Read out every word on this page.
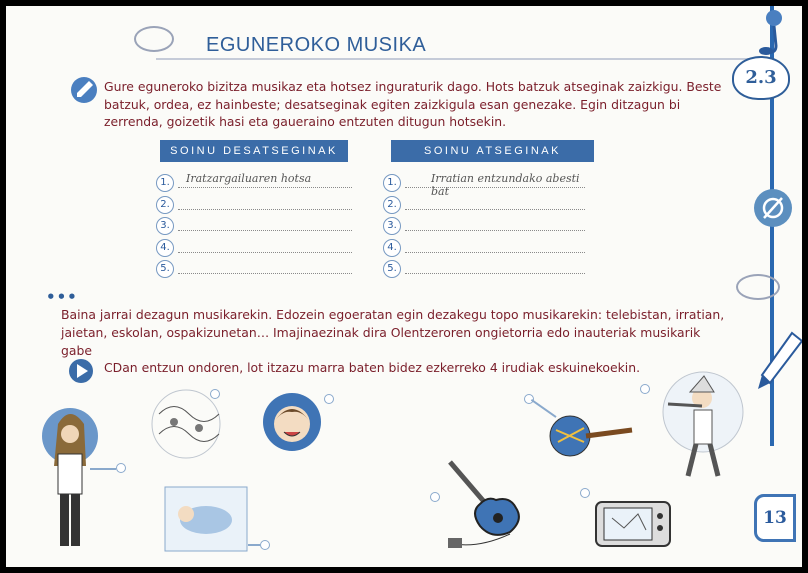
EGUNEROKO MUSIKA
2.3
Gure eguneroko bizitza musikaz eta hotsez inguraturik dago. Hots batzuk atseginak zaizkigu. Beste batzuk, ordea, ez hainbeste; desatseginak egiten zaizkigula esan genezake. Egin ditzagun bi zerrenda, goizetik hasi eta gaueraino entzuten ditugun hotsekin.
SOINU DESATSEGINAK
1.	Iratzargailuaren hotsa
2.
3.
4.
5.
SOINU ATSEGINAK
1.	Irratian entzundako abesti bat
2.
3.
4.
5.
•••
Baina jarrai dezagun musikarekin. Edozein egoeratan egin dezakegu topo musikarekin: telebistan, irratian, jaietan, eskolan, ospakizunetan… Imajinaezinak dira Olentzeroren ongietorria edo inauteriak musikarik gabe
CDan entzun ondoren, lot itzazu marra baten bidez ezkerreko 4 irudiak eskuinekoekin.
13
